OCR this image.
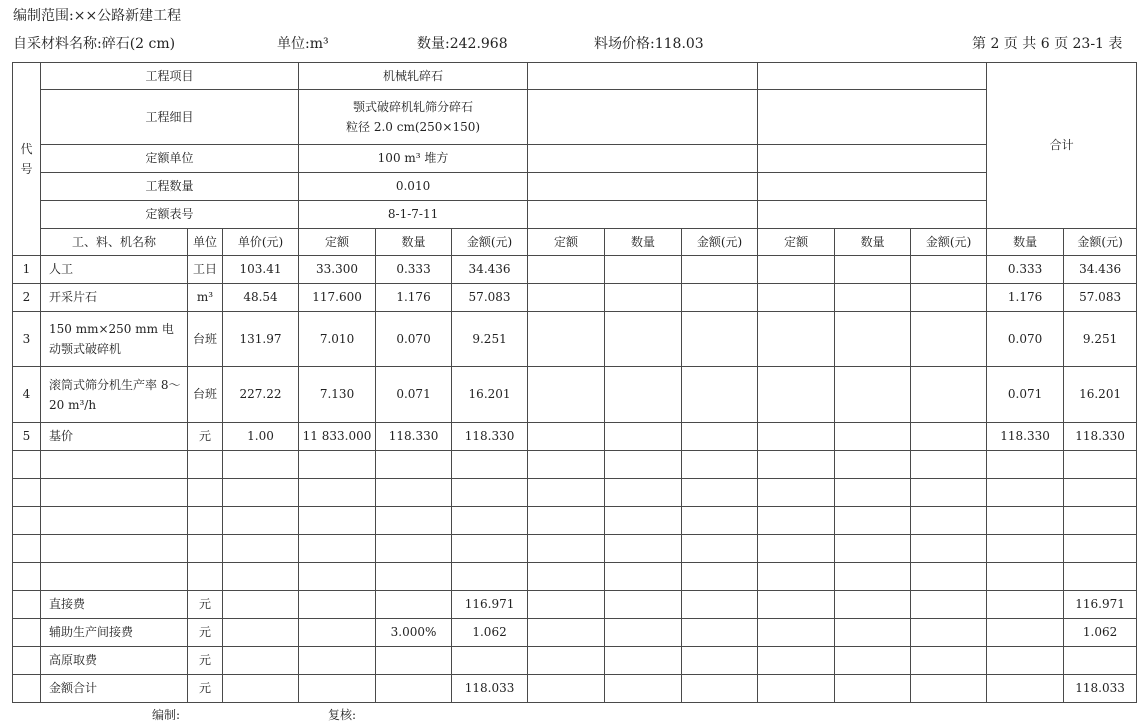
编制范围:××公路新建工程
自采材料名称:碎石(2 cm)	单位:m³	数量:242.968	料场价格:118.03	第 2 页 共 6 页 23-1 表
代号	工程项目			机械轧碎石									合计	
	工程细目			颚式破碎机轧筛分碎石
粒径 2.0 cm(250×150)										

	定额单位			100 m³ 堆方										
	工程数量			0.010										
	定额表号			8-1-7-11										
	工、料、机名称	单位	单价(元)	定额	数量	金额(元)	定额	数量	金额(元)	定额	数量	金额(元)	数量	金额(元)
1	人工	工日	103.41	33.300	0.333	34.436							0.333	34.436
2	开采片石	m³	48.54	117.600	1.176	57.083							1.176	57.083
3	150 mm×250 mm 电动颚式破碎机	台班	131.97	7.010	0.070	9.251							0.070	9.251
4	滚筒式筛分机生产率 8～20 m³/h	台班	227.22	7.130	0.071	16.201							0.071	16.201
5	基价	元	1.00	11 833.000	118.330	118.330							118.330	118.330

	直接费	元				116.971								116.971
	辅助生产间接费	元			3.000%	1.062								1.062
	高原取费	元												
	金额合计	元				118.033								118.033
编制:	复核:
